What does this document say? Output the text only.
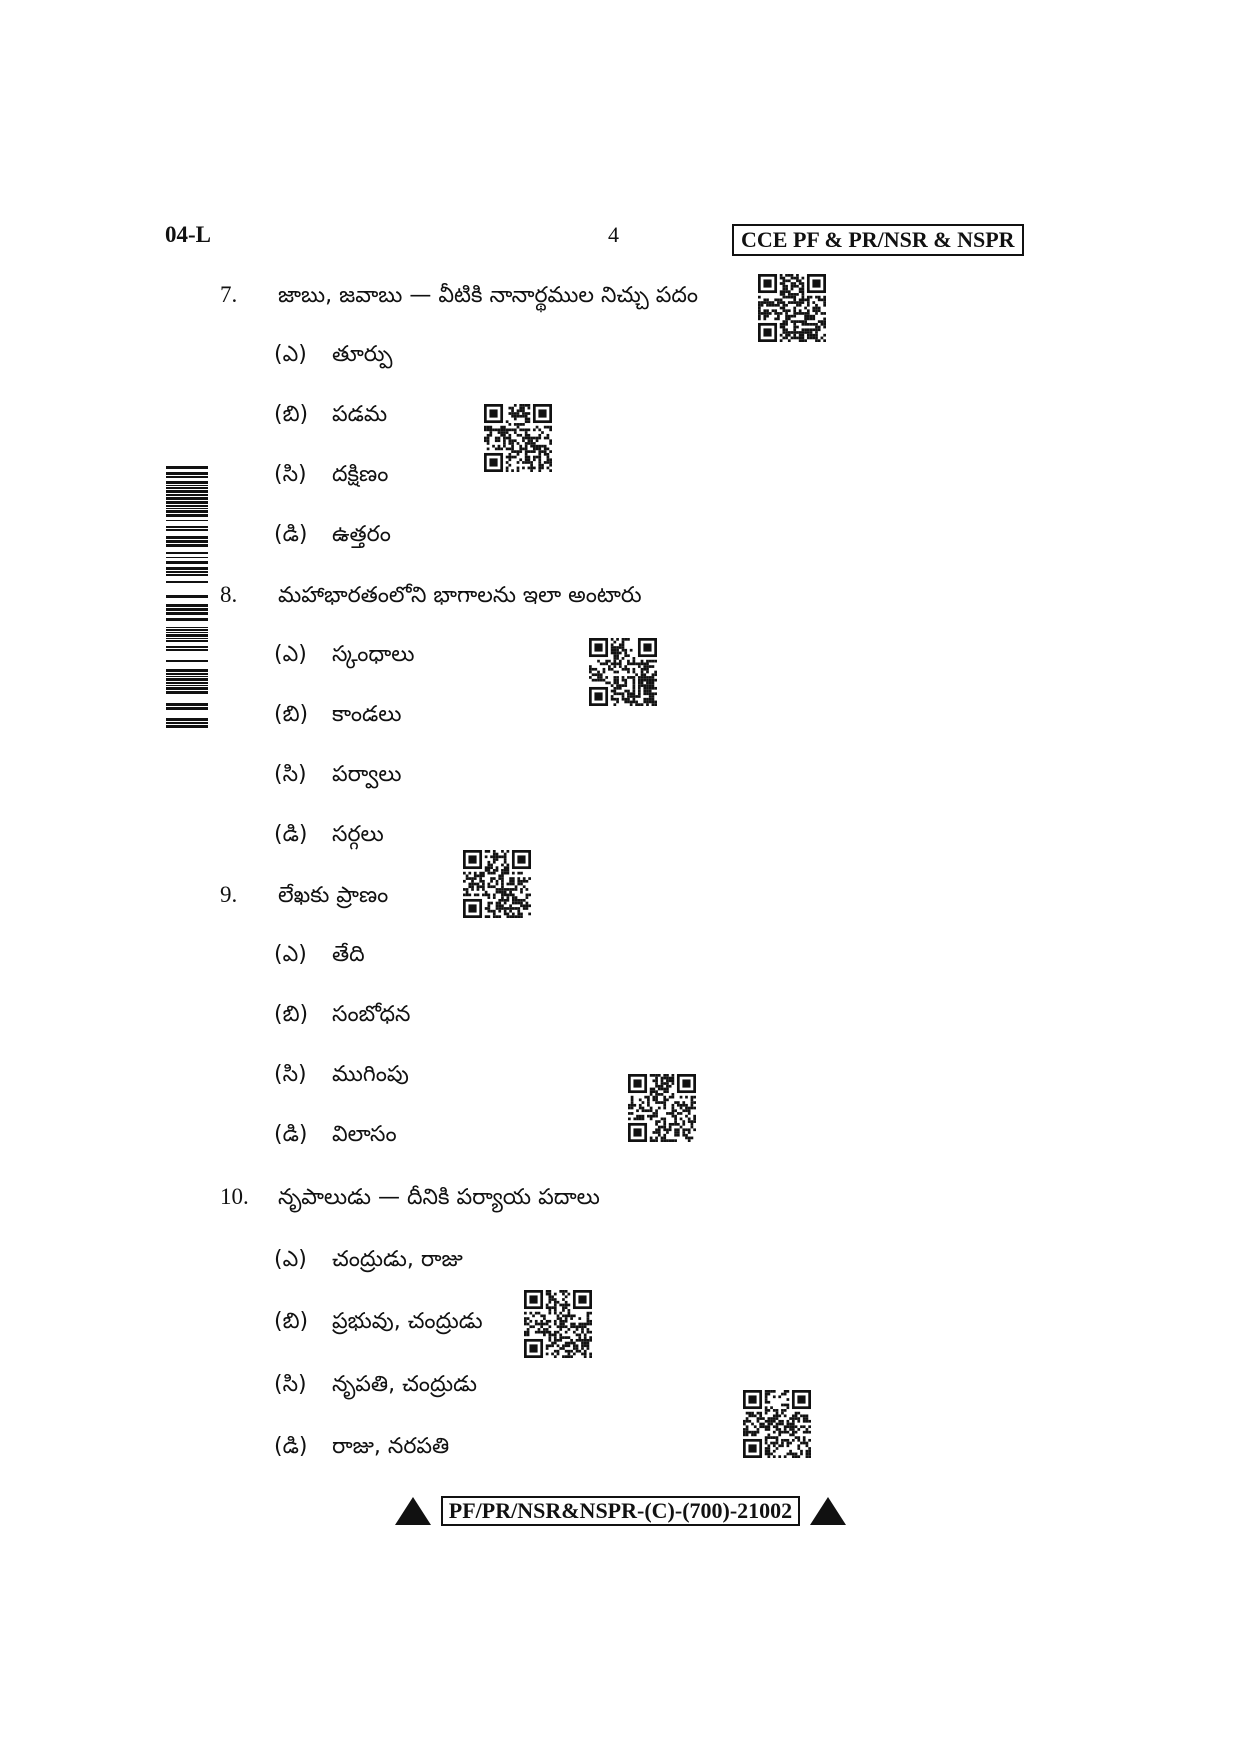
04-L	4	CCE PF & PR/NSR & NSPR
7. జాబు, జవాబు — వీటికి నానార్థముల నిచ్చు పదం
(ఎ) తూర్పు
(బి) పడమ
(సి) దక్షిణం
(డి) ఉత్తరం
8. మహాభారతంలోని భాగాలను ఇలా అంటారు
(ఎ) స్కంధాలు
(బి) కాండలు
(సి) పర్వాలు
(డి) సర్గలు
9. లేఖకు ప్రాణం
(ఎ) తేది
(బి) సంబోధన
(సి) ముగింపు
(డి) విలాసం
10. నృపాలుడు — దీనికి పర్యాయ పదాలు
(ఎ) చంద్రుడు, రాజు
(బి) ప్రభువు, చంద్రుడు
(సి) నృపతి, చంద్రుడు
(డి) రాజు, నరపతి
PF/PR/NSR&NSPR-(C)-(700)-21002
